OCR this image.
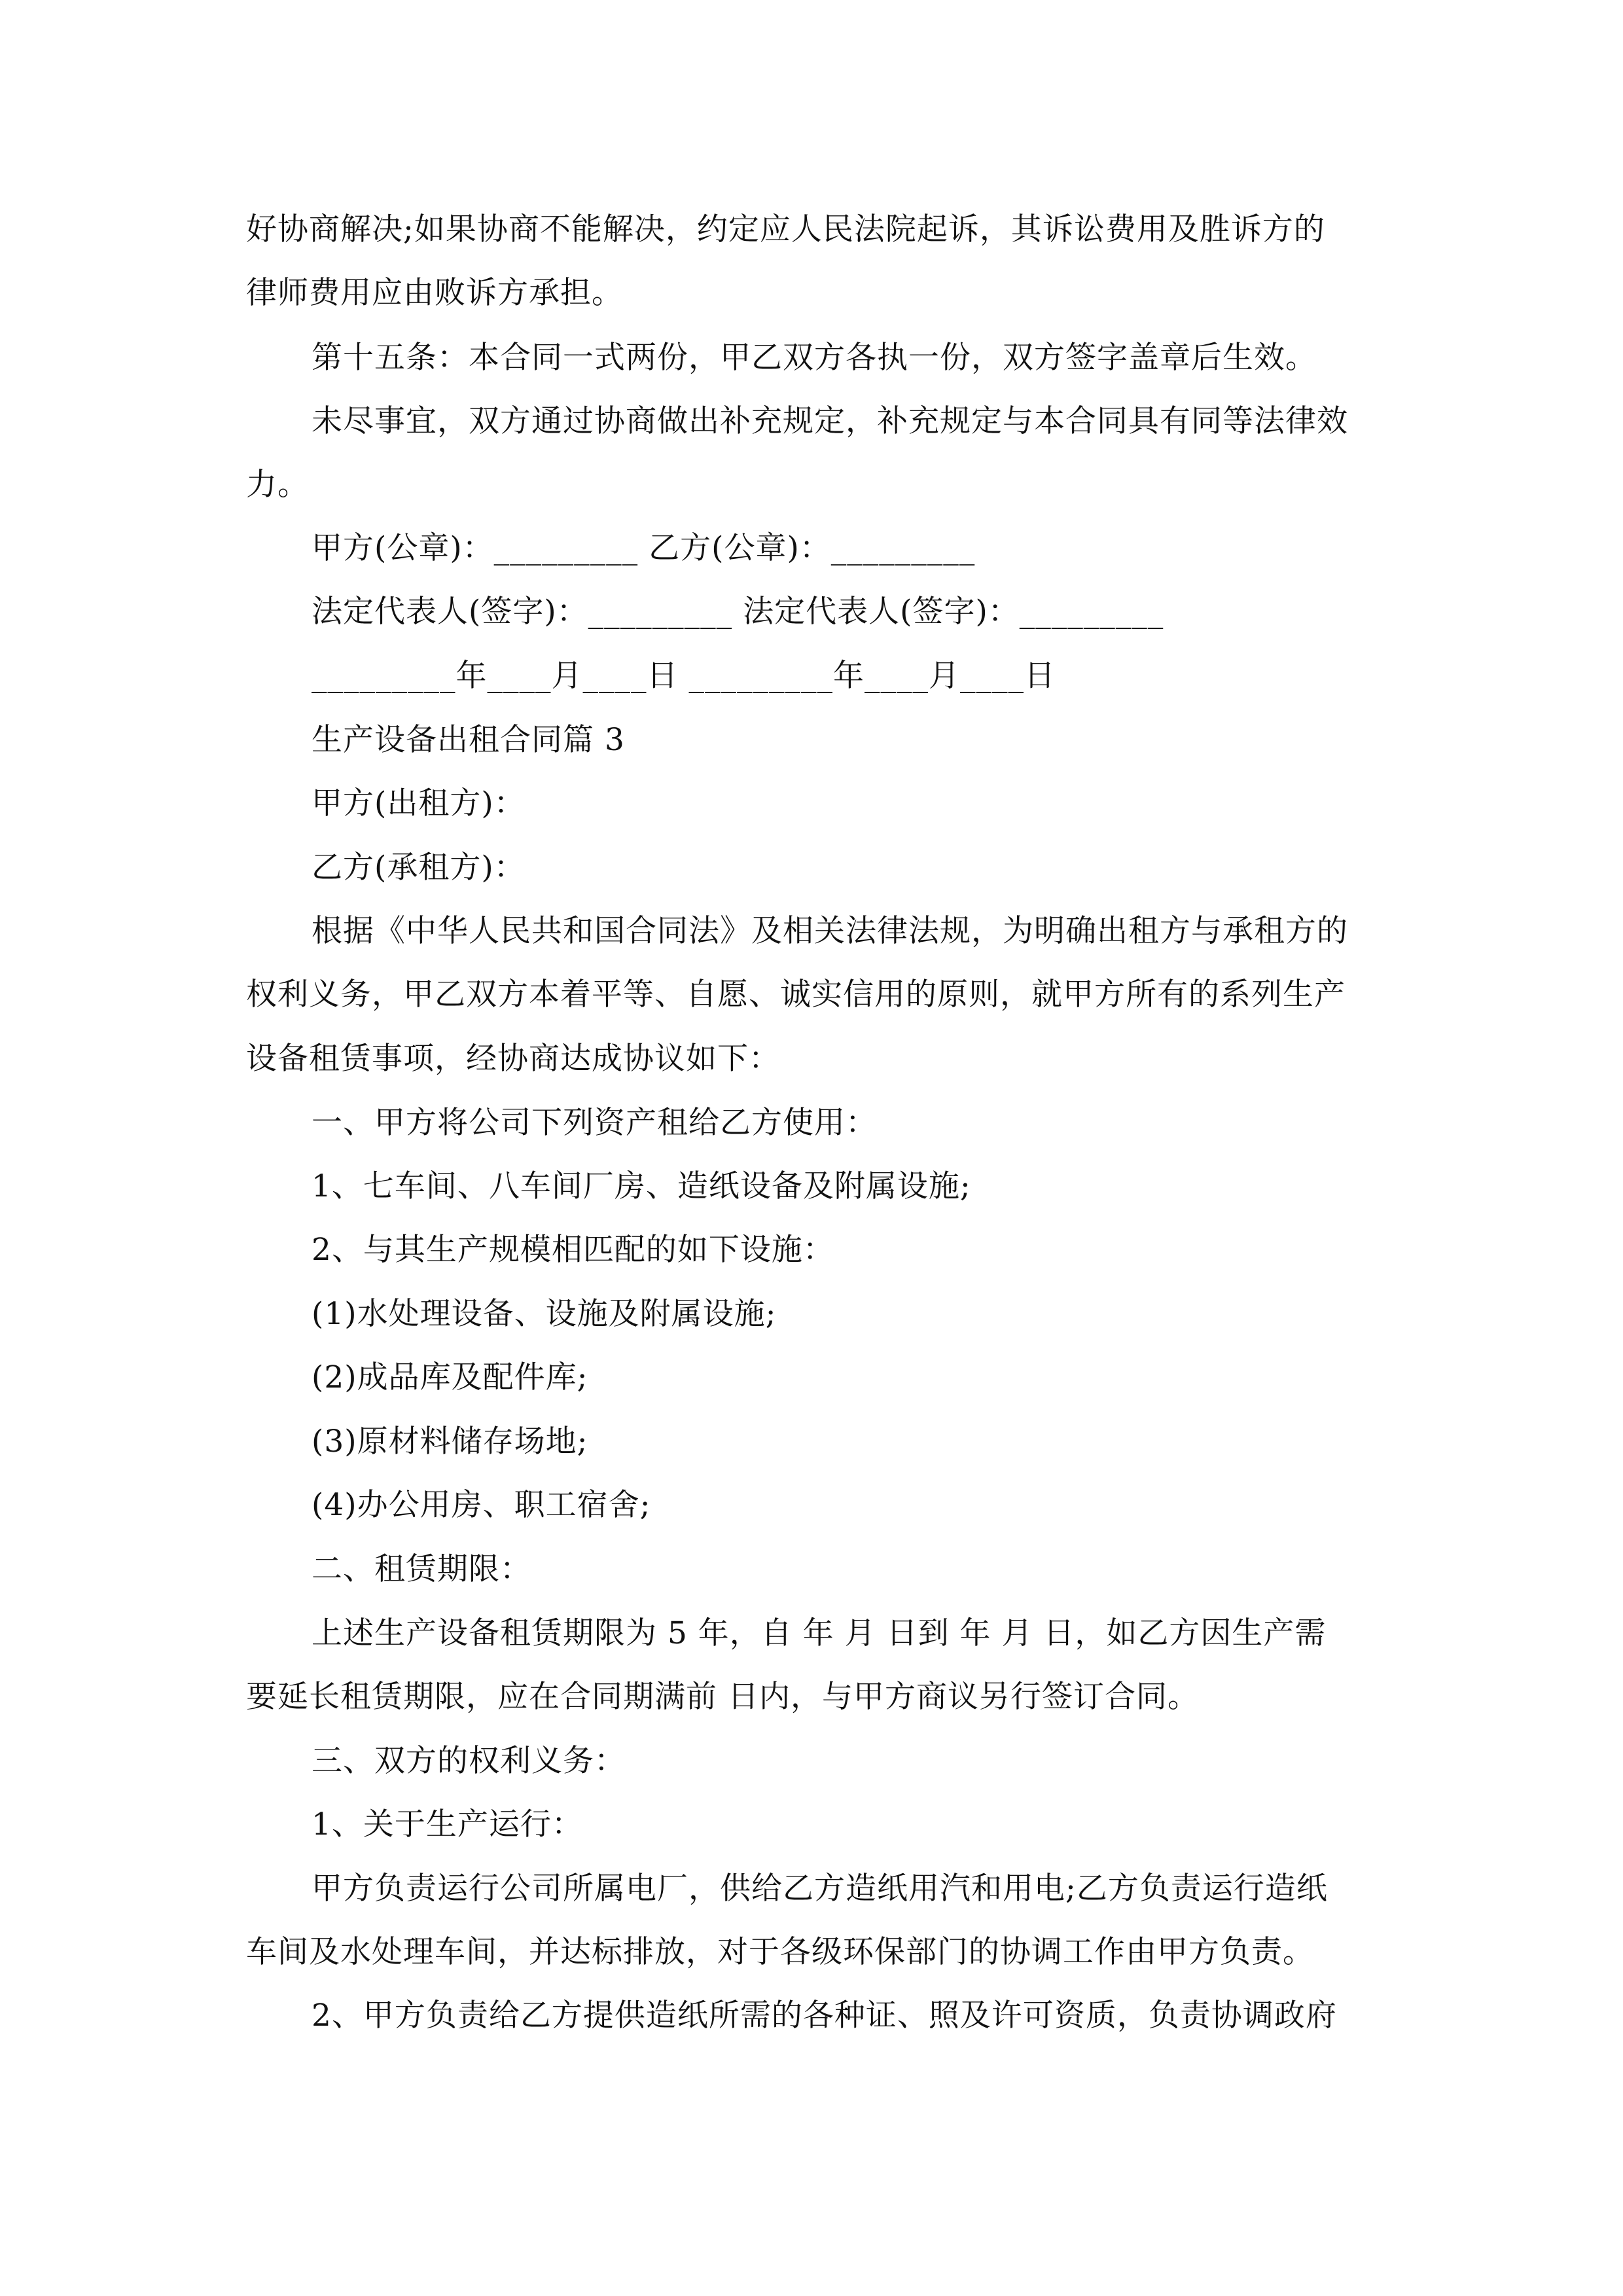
好协商解决;如果协商不能解决，约定应人民法院起诉，其诉讼费用及胜诉方的
律师费用应由败诉方承担。
第十五条：本合同一式两份，甲乙双方各执一份，双方签字盖章后生效。
未尽事宜，双方通过协商做出补充规定，补充规定与本合同具有同等法律效
力。
甲方(公章)：_________ 乙方(公章)：_________
法定代表人(签字)：_________ 法定代表人(签字)：_________
_________年____月____日 _________年____月____日
生产设备出租合同篇 3
甲方(出租方)：
乙方(承租方)：
根据《中华人民共和国合同法》及相关法律法规，为明确出租方与承租方的
权利义务，甲乙双方本着平等、自愿、诚实信用的原则，就甲方所有的系列生产
设备租赁事项，经协商达成协议如下：
一、甲方将公司下列资产租给乙方使用：
1、七车间、八车间厂房、造纸设备及附属设施;
2、与其生产规模相匹配的如下设施：
(1)水处理设备、设施及附属设施;
(2)成品库及配件库;
(3)原材料储存场地;
(4)办公用房、职工宿舍;
二、租赁期限：
上述生产设备租赁期限为 5 年，自 年 月 日到 年 月 日，如乙方因生产需
要延长租赁期限，应在合同期满前 日内，与甲方商议另行签订合同。
三、双方的权利义务：
1、关于生产运行：
甲方负责运行公司所属电厂，供给乙方造纸用汽和用电;乙方负责运行造纸
车间及水处理车间，并达标排放，对于各级环保部门的协调工作由甲方负责。
2、甲方负责给乙方提供造纸所需的各种证、照及许可资质，负责协调政府
